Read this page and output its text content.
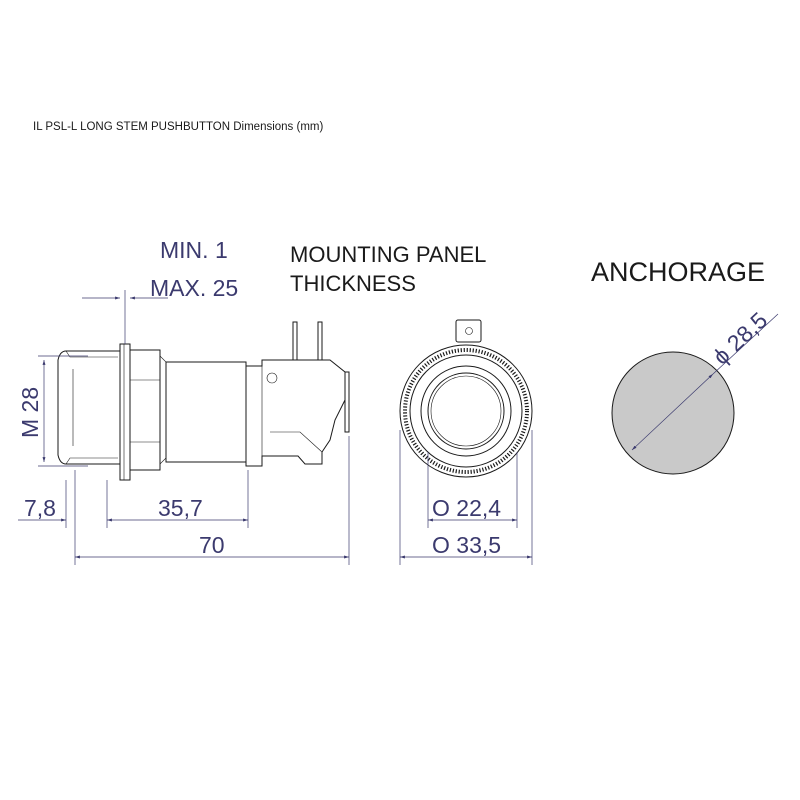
IL PSL-L LONG STEM PUSHBUTTON Dimensions (mm)
MIN. 1
MAX. 25
MOUNTING PANEL
THICKNESS
M 28
7,8	35,7
70
O 22,4
O 33,5
ANCHORAGE
ϕ 28,5
